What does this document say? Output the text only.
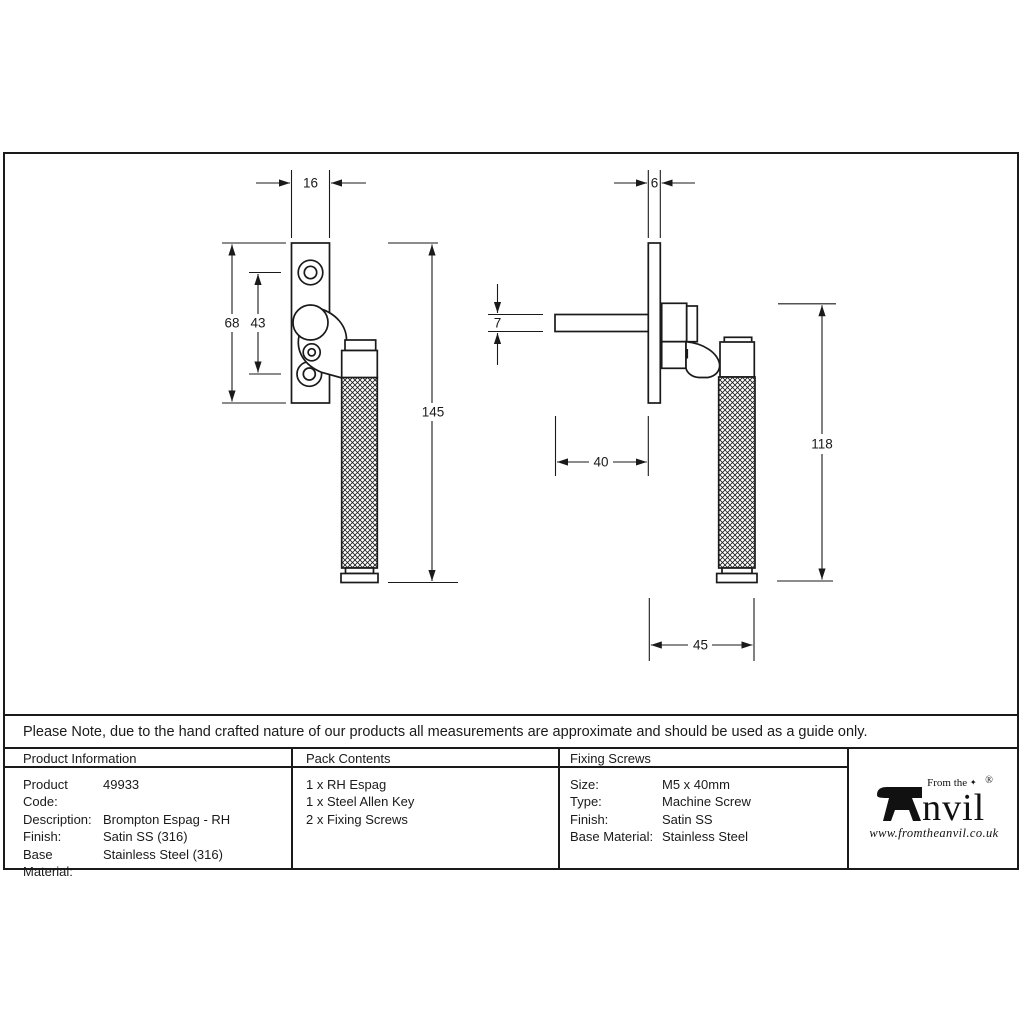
16
68 43
145
6
7
40
118
45
Please Note, due to the hand crafted nature of our products all measurements are approximate and should be used as a guide only.
Product Information	Pack Contents	Fixing Screws
Product Code:
49933
Description: Brompton Espag - RH
Finish:	Satin SS (316)
Base Material:
Stainless Steel (316)
1 x RH Espag
1 x Steel Allen Key
2 x Fixing Screws
Size:	M5 x 40mm
Type:	Machine Screw
Finish:	Satin SS
Base Material: Stainless Steel
From the ✦
nvil
®
www.fromtheanvil.co.uk
